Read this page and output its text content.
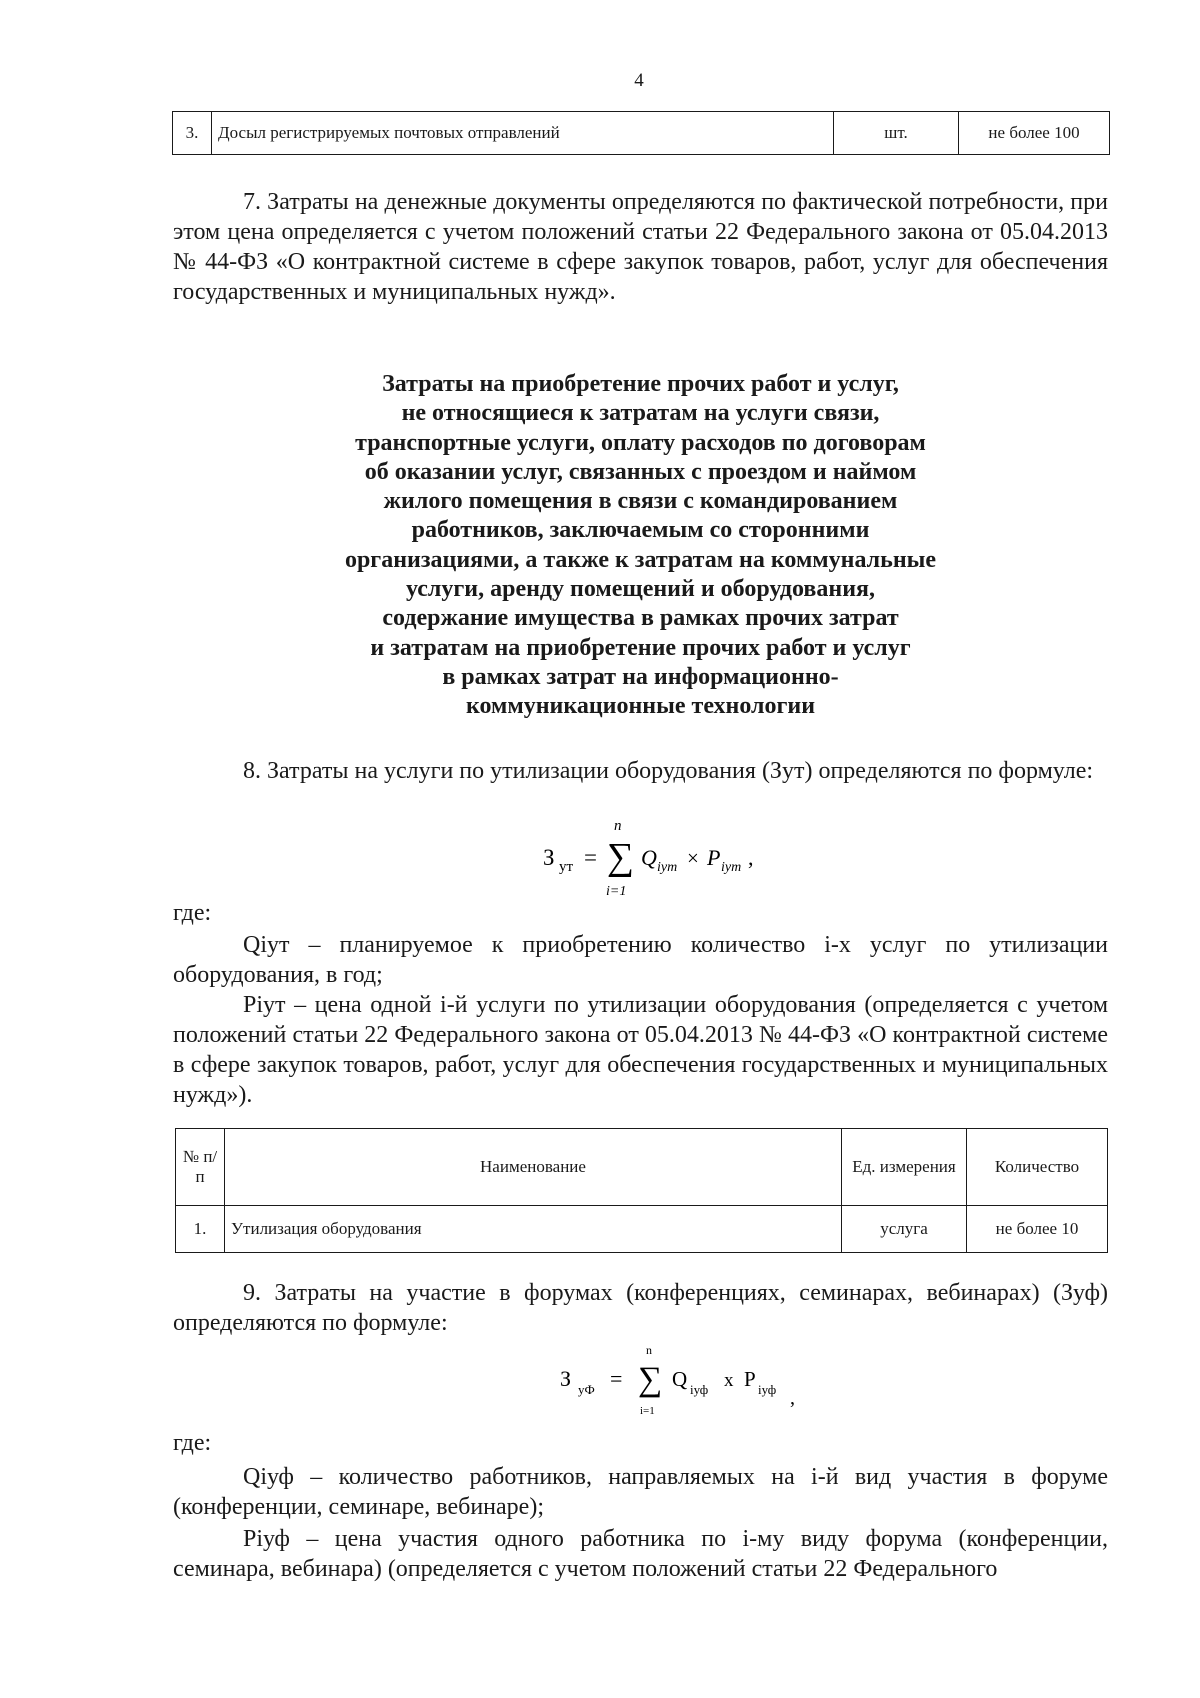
4
3.	Досыл регистрируемых почтовых отправлений	шт.	не более 100

7. Затраты на денежные документы определяются по фактической потребности, при этом цена определяется с учетом положений статьи 22 Федерального закона от 05.04.2013 № 44-ФЗ «О контрактной системе в сфере закупок товаров, работ, услуг для обеспечения государственных и муниципальных нужд».

Затраты на приобретение прочих работ и услуг,
не относящиеся к затратам на услуги связи,
транспортные услуги, оплату расходов по договорам
об оказании услуг, связанных с проездом и наймом
жилого помещения в связи с командированием
работников, заключаемым со сторонними
организациями, а также к затратам на коммунальные
услуги, аренду помещений и оборудования,
содержание имущества в рамках прочих затрат
и затратам на приобретение прочих работ и услуг
в рамках затрат на информационно-
коммуникационные технологии

8. Затраты на услуги по утилизации оборудования (Зут) определяются по формуле:

З ут = ∑
n
i=1
Q iут × P iут ,

где:

Qiут – планируемое к приобретению количество i-х услуг по утилизации оборудования, в год;

Piут – цена одной i-й услуги по утилизации оборудования (определяется с учетом положений статьи 22 Федерального закона от 05.04.2013 № 44-ФЗ «О контрактной системе в сфере закупок товаров, работ, услуг для обеспечения государственных и муниципальных нужд»).

№ п/п	Наименование	Ед. измерения	Количество
1.	Утилизация оборудования	услуга	не более 10

9. Затраты на участие в форумах (конференциях, семинарах, вебинарах) (Зуф) определяются по формуле:

З уФ = ∑
n
i=1
Q iуф x P iуф ,

где:

Qiуф – количество работников, направляемых на i-й вид участия в форуме (конференции, семинаре, вебинаре);

Piуф – цена участия одного работника по i-му виду форума (конференции, семинара, вебинара) (определяется с учетом положений статьи 22 Федерального
